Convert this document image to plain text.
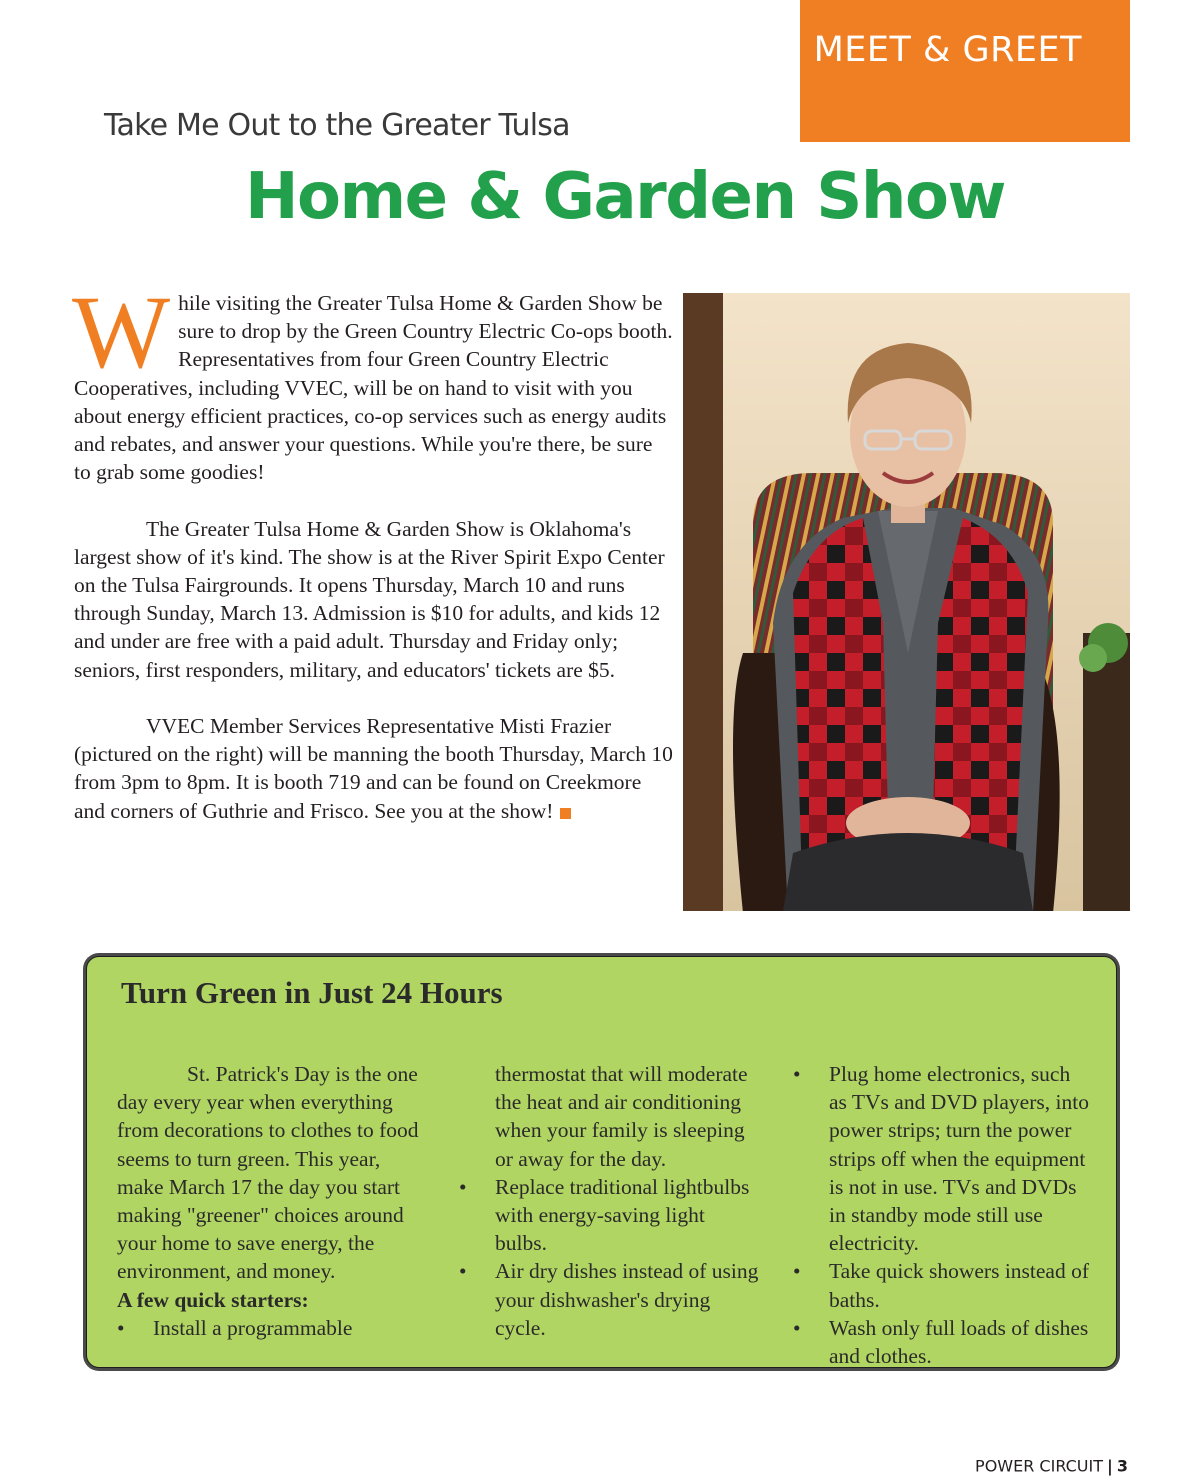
MEET & GREET
Take Me Out to the Greater Tulsa
Home & Garden Show

While visiting the Greater Tulsa Home & Garden Show be sure to drop by the Green Country Electric Co-ops booth. Representatives from four Green Country Electric Cooperatives, including VVEC, will be on hand to visit with you about energy efficient practices, co-op services such as energy audits and rebates, and answer your questions. While you're there, be sure to grab some goodies!

The Greater Tulsa Home & Garden Show is Oklahoma's largest show of it's kind. The show is at the River Spirit Expo Center on the Tulsa Fairgrounds. It opens Thursday, March 10 and runs through Sunday, March 13. Admission is $10 for adults, and kids 12 and under are free with a paid adult. Thursday and Friday only; seniors, first responders, military, and educators' tickets are $5.

VVEC Member Services Representative Misti Frazier (pictured on the right) will be manning the booth Thursday, March 10 from 3pm to 8pm. It is booth 719 and can be found on Creekmore and corners of Guthrie and Frisco. See you at the show!

Turn Green in Just 24 Hours

St. Patrick's Day is the one day every year when everything from decorations to clothes to food seems to turn green. This year, make March 17 the day you start making "greener" choices around your home to save energy, the environment, and money.

A few quick starters:

• Install a programmable

thermostat that will moderate the heat and air conditioning when your family is sleeping or away for the day.

• Replace traditional lightbulbs with energy-saving light bulbs.
• Air dry dishes instead of using your dishwasher's drying cycle.
• Plug home electronics, such as TVs and DVD players, into power strips; turn the power strips off when the equipment is not in use. TVs and DVDs in standby mode still use electricity.
• Take quick showers instead of baths.
• Wash only full loads of dishes and clothes.
POWER CIRCUIT | 3
